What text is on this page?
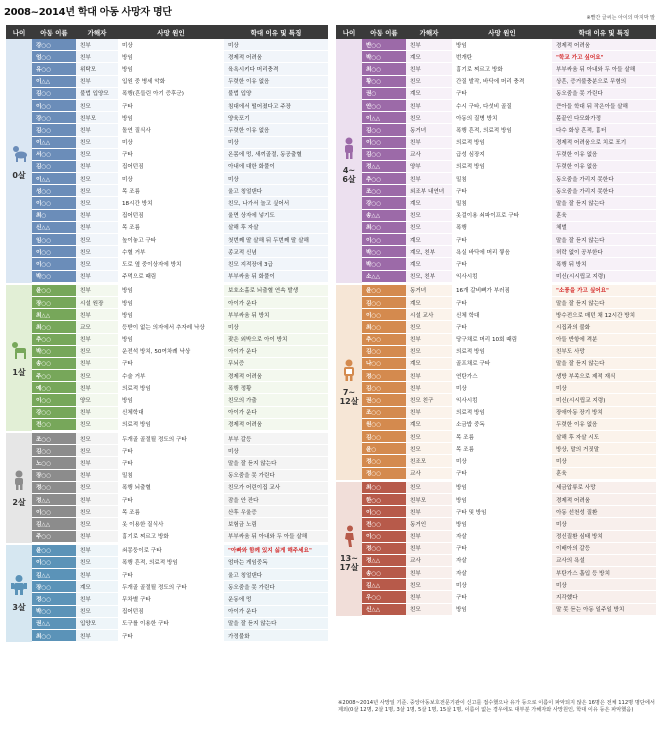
2008~2014년 학대 아동 사망자 명단	※빨간 글씨는 아이의 마지막 말
나이	아동 이름	가해자	사망 원인	학대 이유 및 특징
0살
강○○	친부	미상	미상
엄○○	친부	방임	경제적 어려움
유○○	위탁모	방임	육욕시키다 머리충격
이△△	친부	입원 중 병세 악화	두렷한 이유 없음
김○○	불법 입양모	폭행(흔들린 아기 증후군)	불법 입양
이○○	친모	구타	침대에서 떨어졌다고 주장
강○○	친부모	방임	양육포기
김○○	친부	돌연 질식사	두렷한 이유 없음
이△△	친모	미상	미상
서○○	친모	구타	온몸에 멍, 새끼골절, 동공출혈
김○○	친부	집어던짐	아내에 대한 화풀이
이△△	친모	미상	미상
성○○	친모	목 조름	울고 칭얼댄다
이○○	친모	18시간 방치	친모, 나가서 놀고 싶어서
최○	친부	집어던짐	울면 상자에 넣기도
신△△	친부	목 조름	살해 후 자살
임○○	친모	높이놓고 구타	첫번째 딸 살해 뒤 두번째 딸 살해
이○○	친모	수혈 거부	종교적 신념
이○○	친모	도로 옆 중이상자에 방치	친모 지적장애 3급
박○○	친부	주먹으로 때림	부부싸움 뒤 화풀이
1살
윤○○	친부	방임	보호소홀로 뇌출혈 연속 발생
장○○	시설 원장	방임	아이가 운다
최△△	친부	방임	부부싸움 뒤 방치
최○○	교모	등받이 없는 의자에서 추자레 낙상	미상
추○○	친부	방임	잦은 외박으로 아이 방치
박○○	친모	운전석 방치, 50여차례 낙상	아이가 운다
송○○	친부	구타	무뇌증
주○○	친모	수술 거부	경제적 어려움
예○○	친부	의료적 방임	폭행 정황
이○○	양모	방임	친모의 가출
강○○	친부	신체학대	아이가 운다
전○○	친모	의료적 방임	경제적 어려움
2살
조○○	친모	두개골 골절될 정도의 구타	부부 갈등
김○○	친모	구타	미상
노○○	친부	구타	말을 잘 듣지 않는다
장○○	친부	밀침	동오줌을 못 가린다
정○○	친모	폭행 뇌출혈	친모가 어린이집 교사
정△△	친부	구타	잠을 안 잔다
이○○	친모	목 조름	산후 우울증
김△△	친모	옷 이용한 질식사	보험금 노림
주○○	친부	흉기로 찌르고 방화	부부싸움 뒤 아내와 두 아들 살해
3살
윤○○	친부	쇠몽둥이로 구타	"아빠와 함께 있지 싫게 해주세요"
이○○	친모	폭행 흔적, 의료적 방임	엄마는 게임중독
김△△	친부	구타	울고 칭얼댄다
장○○	계모	두개골 골절될 정도의 구타	동오줌을 못 가린다
정○○	친부	무차별 구타	운동에 멍
박○○	친모	집어던짐	아이가 운다
권△△	입양모	도구를 이용한 구타	말을 잘 듣지 않는다
최○○	친부	구타	가정불화
나이	아동 이름	가해자	사망 원인	학대 이유 및 특징
4~
6살
반○○	친부	방임	경제적 어려움
박○○	계모	번개탄	"학교 가고 싶어요"
최○○	친부	흉기로 찌르고 방화	부부싸움 뒤 아내와 두 아들 살해
황○○	친모	간질 발작, 바닥에 머리 충격	상흔, 증거불충분으로 무혐의
권○	계모	구타	동오줌을 못 가린다
안○○	친부	수시 구타, 다섯비 골질	큰아들 학대 뒤 작은아들 살해
이△△	친모	아동의 질병 방치	몸끝인 다모화가정
김○○	동거녀	폭행 흔적, 의료적 방임	다수 화상 흔적, 흉터
이○○	친부	의료적 방임	경제적 어려움으로 치료 포기
김○○	교사	급성 심장지	두렷한 이유 없음
정△△	양부	의료적 방임	두렷한 이유 없음
추○○	친부	밀침	동오줌을 가리지 못한다
조○○	외조부 내연녀	구타	동오줌을 가리지 못한다
강○○	계모	밀침	말을 잘 듣지 않는다
송△△	친모	옷걸이용 쇠파이프로 구타	훈육
최○○	친모	폭행	체벌
이○○	계모	구타	말을 잘 듣지 않는다
박○○	계모, 친부	욕실 바닥에 머리 찧음	허락 없이 공부한다
박○○	계모	구타	폭행 뒤 방치
소△△	친모, 친부	익사시킴	미신(시시립교 지령)
7~
12살
윤○○	동거녀	16개 갈비뼈가 부러짐	"소풍을 가고 싶어요"
김○○	계모	구타	말을 잘 듣지 않는다
이○○	시설 교사	신체 학대	방수전으로 매던 채 12시간 방치
최○○	친모	구타	시집과의 불화
추○○	친부	당구채로 머리 10회 때림	아들 반항에 격분
김○○	친모	의료적 방임	친부도 사망
나○○	계모	골프채로 구타	말을 잘 듣지 않는다
정○○	친부	연탄가스	생방 부족으로 제적 재식
김○○	친부	미상	미상
권○○	친모 친구	익사시킴	미신(시시립교 지령)
조○○	친부	의료적 방임	장애아동 장기 방치
원○○	계모	소금밥 중독	두렷한 이유 없음
김○○	친모	목 조름	살해 후 자살 시도
윤○	친모	목 조름	방상, 말의 거짓말
정○○	친조모	미상	미상
정○○	교사	구타	훈육
13~
17살
최○○	친모	방임	세금압류로 사망
한○○	친부모	방임	경제적 어려움
이○○	친부	구타 및 방임	아동 선천성 질환
전○○	동거인	방임	미상
이○○	친부	자살	정신질환 심태 방치
정○○	친부	구타	이배아의 갈등
정△△	교사	자살	교사의 욕설
송○○	친부	자살	부탄가스 흡입 등 방치
김△△	친모	미상	미상
우○○	친부	구타	지각했다
신△△	친모	방임	말 못 듣는 아동 일주일 방치
※2008~2014년 사망일 기준. 중앙아동보호전문기관이 신고를 접수했으나 유가 등으로 이름이 파악되지 않은 16명은 전체 112명 명단에서 제외(0살 12명, 2살 1명, 3살 1명, 5살 1명, 15살 1명, 이름이 없는 경우에도 대부분 가해자와 사망원인, 학대 이유 등은 파악했음)
